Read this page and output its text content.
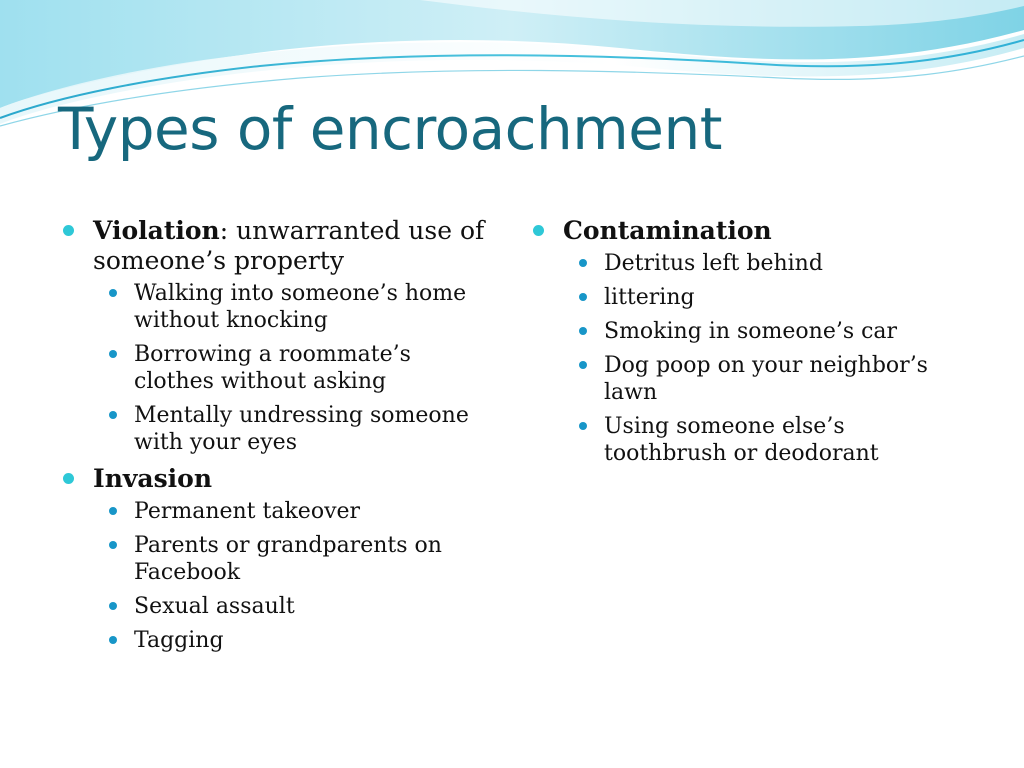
Types of encroachment
Violation: unwarranted use of someone’s property
Walking into someone’s home without knocking
Borrowing a roommate’s clothes without asking
Mentally undressing someone with your eyes
Invasion
Permanent takeover
Parents or grandparents on Facebook
Sexual assault
Tagging
Contamination
Detritus left behind
littering
Smoking in someone’s car
Dog poop on your neighbor’s lawn
Using someone else’s toothbrush or deodorant
